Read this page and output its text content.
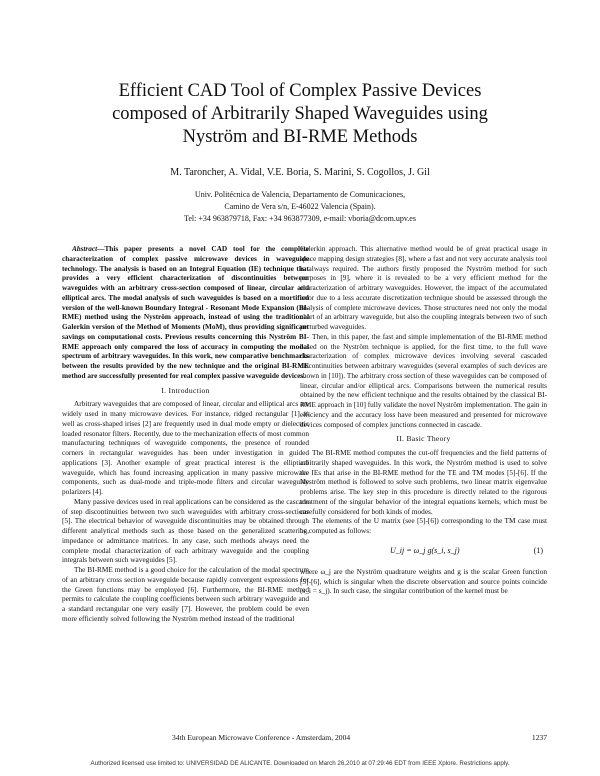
Efficient CAD Tool of Complex Passive Devices
composed of Arbitrarily Shaped Waveguides using
Nyström and BI-RME Methods
M. Taroncher, A. Vidal, V.E. Boria, S. Marini, S. Cogollos, J. Gil
Univ. Politécnica de Valencia, Departamento de Comunicaciones,
Camino de Vera s/n, E-46022 Valencia (Spain).
Tel: +34 963879718, Fax: +34 963877309, e-mail: vboria@dcom.upv.es

Abstract—This paper presents a novel CAD tool for the complete characterization of complex passive microwave devices in waveguide technology. The analysis is based on an Integral Equation (IE) technique that provides a very efficient characterization of discontinuities between waveguides with an arbitrary cross-section composed of linear, circular and elliptical arcs. The modal analysis of such waveguides is based on a mortified version of the well-known Boundary Integral - Resonant Mode Expansion (BI-RME) method using the Nyström approach, instead of using the traditional Galerkin version of the Method of Moments (MoM), thus providing significant savings on computational costs. Previous results concerning this Nyström BI-RME approach only compared the loss of accuracy in computing the modal spectrum of arbitrary waveguides. In this work, new comparative benchmarks between the results provided by the new technique and the original BI-RME method are successfully presented for real complex passive waveguide devices.

I. Introduction

Arbitrary waveguides that are composed of linear, circular and elliptical arcs are widely used in many microwave devices. For instance, ridged rectangular [1] as well as cross-shaped irises [2] are frequently used in dual mode empty or dielectric loaded resonator filters. Recently, due to the mechanization effects of most common manufacturing techniques of waveguide components, the presence of rounded corners in rectangular waveguides has been under investigation in guided applications [3]. Another example of great practical interest is the elliptical waveguide, which has found increasing application in many passive microwave components, such as dual-mode and triple-mode filters and circular waveguide polarizers [4].

Many passive devices used in real applications can be considered as the cascade of step discontinuities between two such waveguides with arbitrary cross-sections [5]. The electrical behavior of waveguide discontinuities may be obtained through different analytical methods such as those based on the generalized scattering, impedance or admittance matrices. In any case, such methods always need the complete modal characterization of each arbitrary waveguide and the coupling integrals between such waveguides [5].

The BI-RME method is a good choice for the calculation of the modal spectrum of an arbitrary cross section waveguide because rapidly convergent expressions for the Green functions may be employed [6]. Furthermore, the BI-RME method permits to calculate the coupling coefficients between such arbitrary waveguide and a standard rectangular one very easily [7]. However, the problem could be even more efficiently solved following the Nyström method instead of the traditional

Galerkin approach. This alternative method would be of great practical usage in space mapping design strategies [8], where a fast and not very accurate analysis tool is always required. The authors firstly proposed the Nyström method for such purposes in [9], where it is revealed to be a very efficient method for the characterization of arbitrary waveguides. However, the impact of the accumulated error due to a less accurate discretization technique should be assessed through the analysis of complete microwave devices. Those structures need not only the modal chart of an arbitrary waveguide, but also the coupling integrals between two of such perturbed waveguides.

Then, in this paper, the fast and simple implementation of the BI-RME method based on the Nyström technique is applied, for the first time, to the full wave characterization of complex microwave devices involving several cascaded discontinuities between arbitrary waveguides (several examples of such devices are shown in [10]). The arbitrary cross section of these waveguides can be composed of linear, circular and/or elliptical arcs. Comparisons between the numerical results obtained by the new efficient technique and the results obtained by the classical BI-RME approach in [10] fully validate the novel Nyström implementation. The gain in efficiency and the accuracy loss have been measured and presented for microwave devices composed of complex junctions connected in cascade.

II. Basic Theory

The BI-RME method computes the cut-off frequencies and the field patterns of arbitrarily shaped waveguides. In this work, the Nyström method is used to solve the IEs that arise in the BI-RME method for the TE and TM modes [5]-[6]. If the Nyström method is followed to solve such problems, two linear matrix eigenvalue problems arise. The key step in this procedure is directly related to the rigorous treatment of the singular behavior of the integral equations kernels, which must be carefully considered for both kinds of modes.

The elements of the U matrix (see [5]-[6]) corresponding to the TM case must be computed as follows:

U_ij = ω_j g(s_i, s_j)	(1)

where ω_j are the Nyström quadrature weights and g is the scalar Green function [5]-[6], which is singular when the discrete observation and source points coincide (s_i = s_j). In such case, the singular contribution of the kernel must be

34th European Microwave Conference - Amsterdam, 2004	1237
Authorized licensed use limited to: UNIVERSIDAD DE ALICANTE. Downloaded on March 26,2010 at 07:29:46 EDT from IEEE Xplore. Restrictions apply.
